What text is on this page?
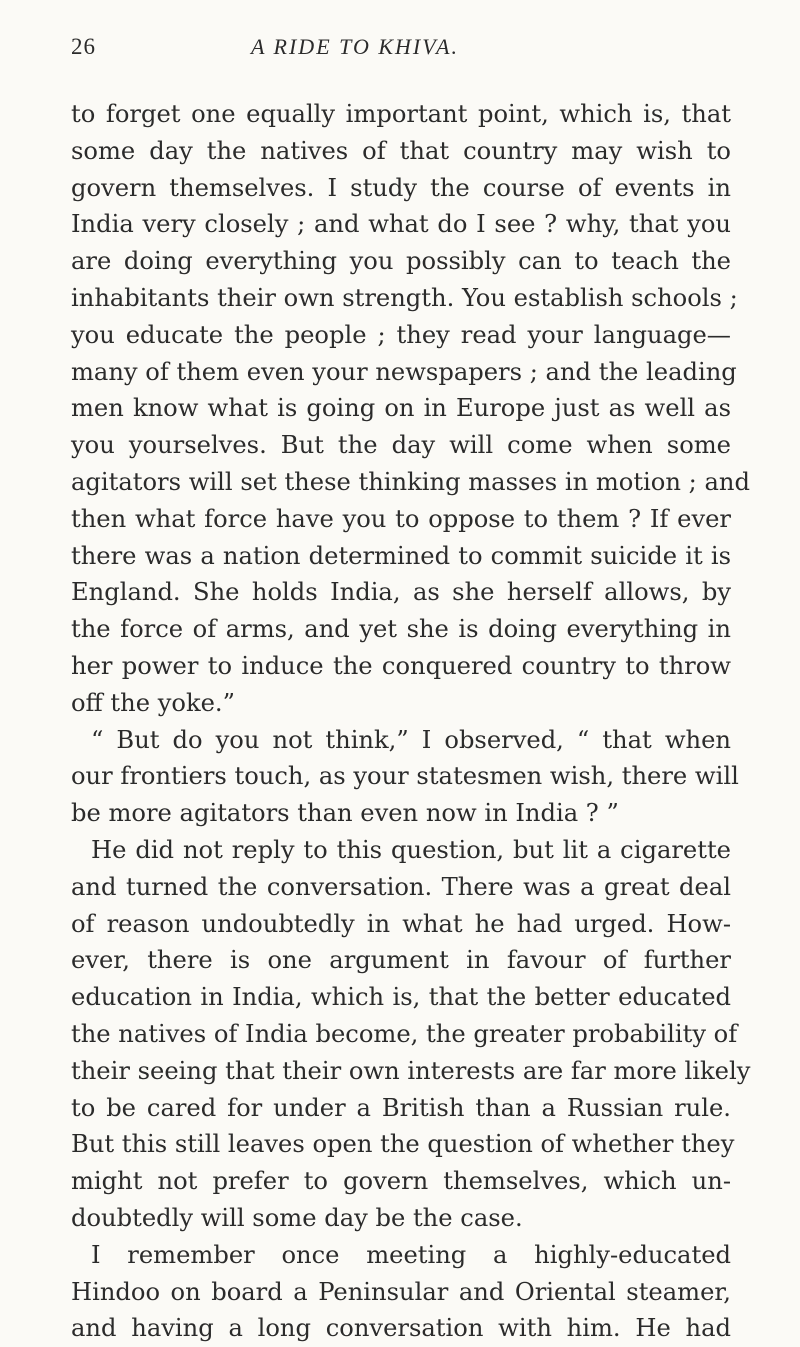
26	A RIDE TO KHIVA.
to forget one equally important point, which is, that
some day the natives of that country may wish to
govern themselves. I study the course of events in
India very closely ; and what do I see ? why, that you
are doing everything you possibly can to teach the
inhabitants their own strength. You establish schools ;
you educate the people ; they read your language—
many of them even your newspapers ; and the leading
men know what is going on in Europe just as well as
you yourselves. But the day will come when some
agitators will set these thinking masses in motion ; and
then what force have you to oppose to them ? If ever
there was a nation determined to commit suicide it is
England. She holds India, as she herself allows, by
the force of arms, and yet she is doing everything in
her power to induce the conquered country to throw
off the yoke.”
“ But do you not think,” I observed, “ that when
our frontiers touch, as your statesmen wish, there will
be more agitators than even now in India ? ”
He did not reply to this question, but lit a cigarette
and turned the conversation. There was a great deal
of reason undoubtedly in what he had urged. How-
ever, there is one argument in favour of further
education in India, which is, that the better educated
the natives of India become, the greater probability of
their seeing that their own interests are far more likely
to be cared for under a British than a Russian rule.
But this still leaves open the question of whether they
might not prefer to govern themselves, which un-
doubtedly will some day be the case.
I remember once meeting a highly-educated
Hindoo on board a Peninsular and Oriental steamer,
and having a long conversation with him. He had
